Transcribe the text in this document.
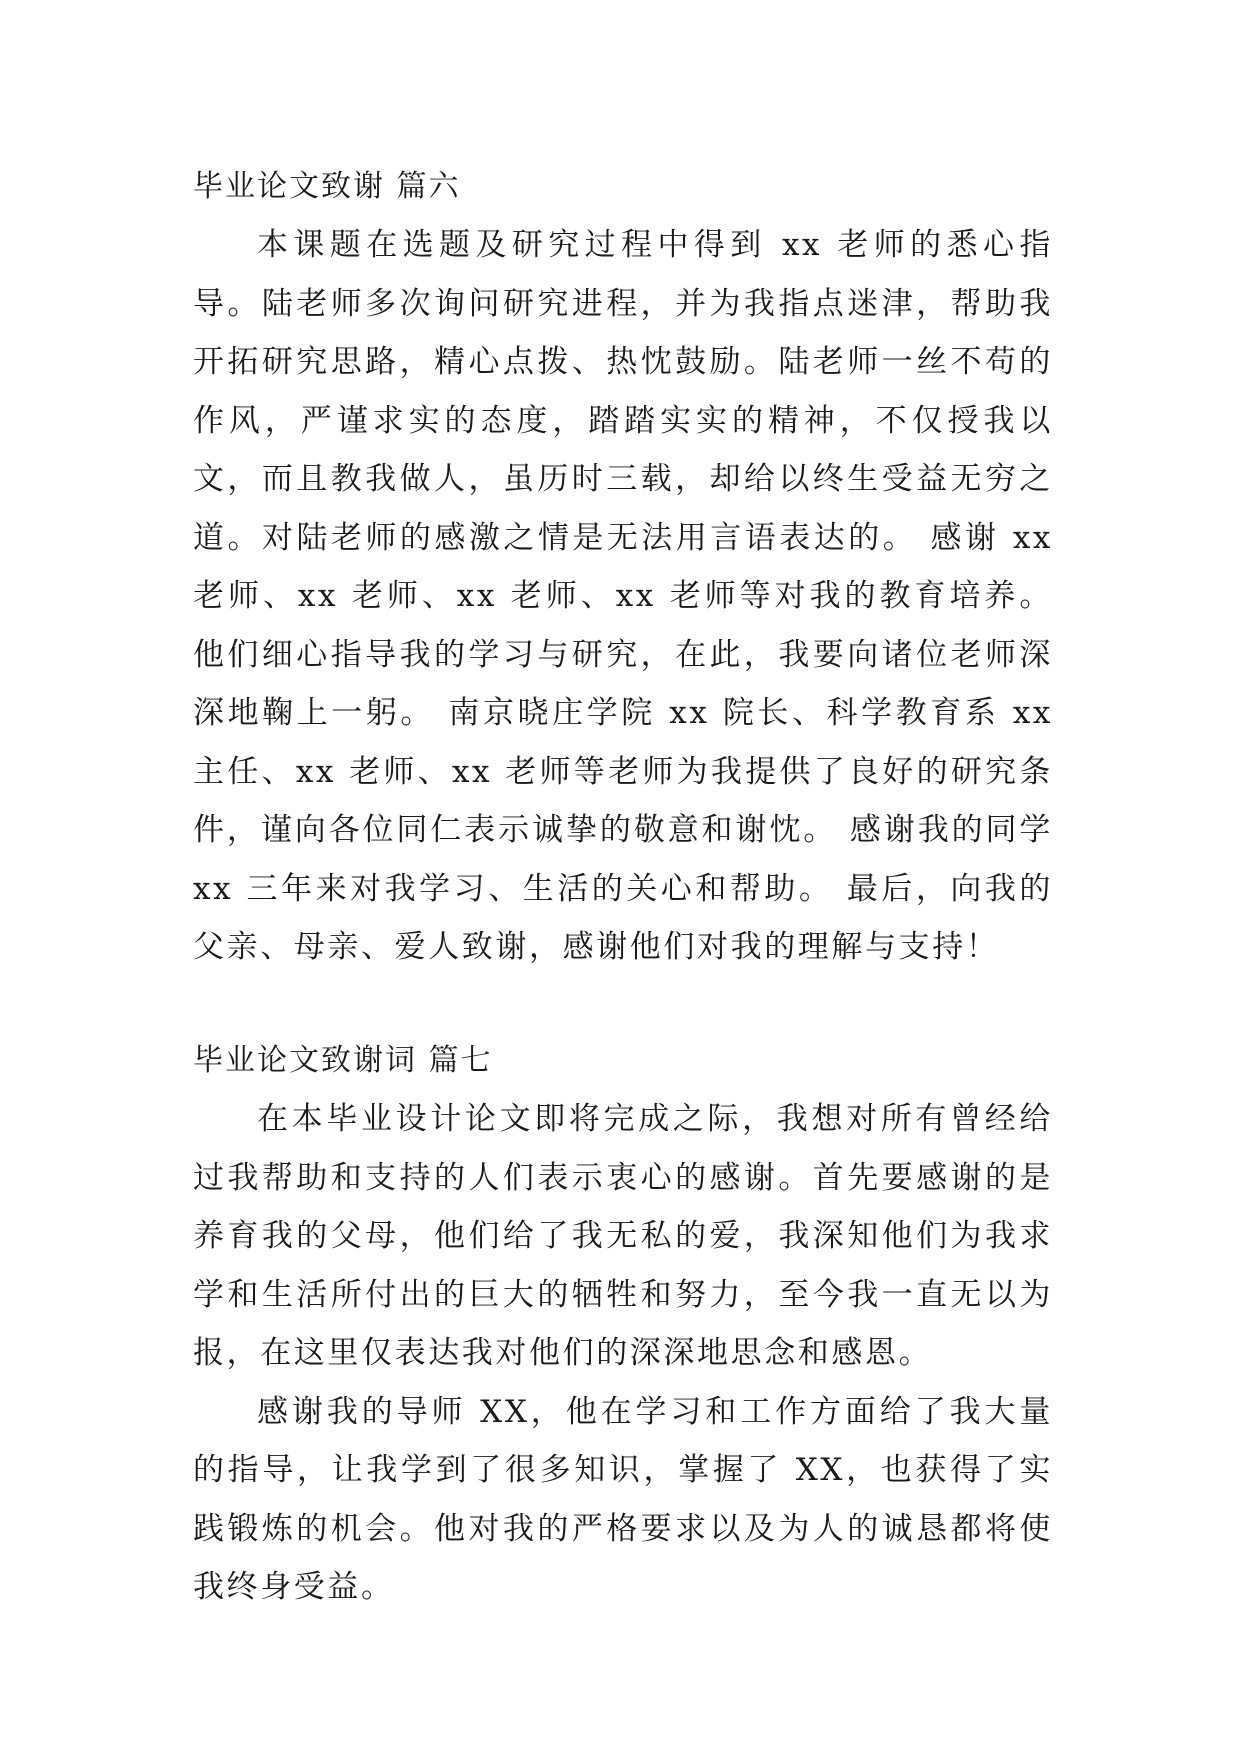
毕业论文致谢 篇六

本课题在选题及研究过程中得到 xx 老师的悉心指导。陆老师多次询问研究进程，并为我指点迷津，帮助我开拓研究思路，精心点拨、热忱鼓励。陆老师一丝不苟的作风，严谨求实的态度，踏踏实实的精神，不仅授我以文，而且教我做人，虽历时三载，却给以终生受益无穷之道。对陆老师的感激之情是无法用言语表达的。 感谢 xx 老师、xx 老师、xx 老师、xx 老师等对我的教育培养。他们细心指导我的学习与研究，在此，我要向诸位老师深深地鞠上一躬。 南京晓庄学院 xx 院长、科学教育系 xx 主任、xx 老师、xx 老师等老师为我提供了良好的研究条件，谨向各位同仁表示诚挚的敬意和谢忱。 感谢我的同学 xx 三年来对我学习、生活的关心和帮助。 最后，向我的父亲、母亲、爱人致谢，感谢他们对我的理解与支持！

毕业论文致谢词 篇七

在本毕业设计论文即将完成之际，我想对所有曾经给过我帮助和支持的人们表示衷心的感谢。首先要感谢的是养育我的父母，他们给了我无私的爱，我深知他们为我求学和生活所付出的巨大的牺牲和努力，至今我一直无以为报，在这里仅表达我对他们的深深地思念和感恩。

感谢我的导师 XX，他在学习和工作方面给了我大量的指导，让我学到了很多知识，掌握了 XX，也获得了实践锻炼的机会。他对我的严格要求以及为人的诚恳都将使我终身受益。
